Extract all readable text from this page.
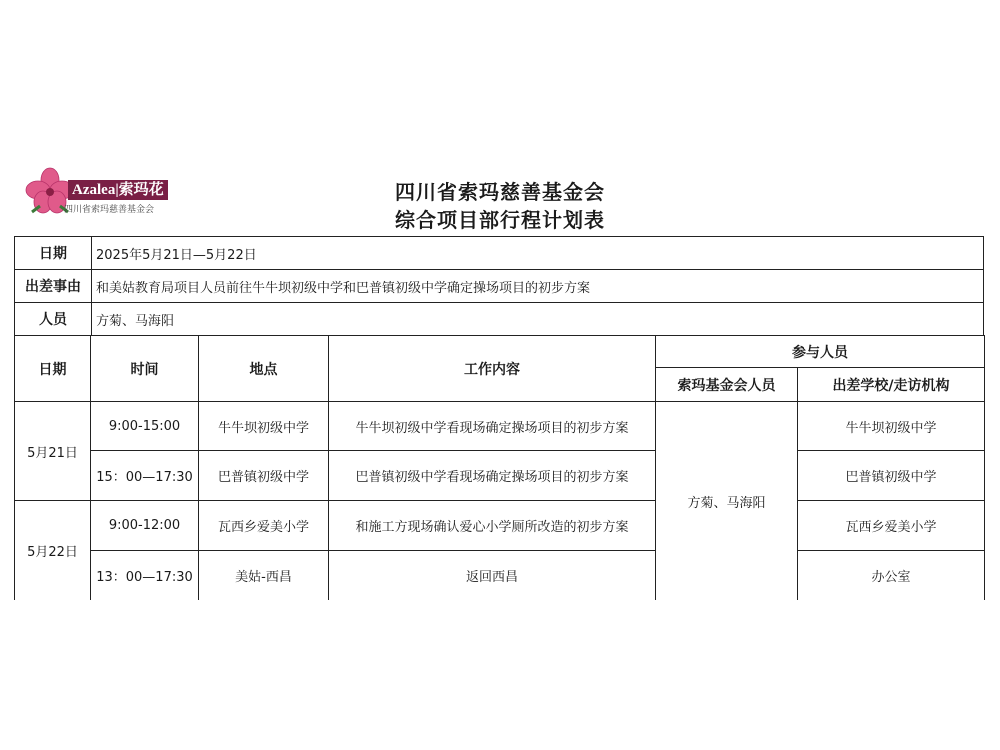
Azalea|索玛花
四川省索玛慈善基金会
四川省索玛慈善基金会
综合项目部行程计划表
日期	2025年5月21日—5月22日
出差事由	和美姑教育局项目人员前往牛牛坝初级中学和巴普镇初级中学确定操场项目的初步方案
人员	方菊、马海阳
日期	时间	地点	工作内容	参与人员	
				索玛基金会人员	出差学校/走访机构
5月21日	9:00-15:00	牛牛坝初级中学	牛牛坝初级中学看现场确定操场项目的初步方案	方菊、马海阳	牛牛坝初级中学
	15：00—17:30	巴普镇初级中学	巴普镇初级中学看现场确定操场项目的初步方案		巴普镇初级中学
5月22日	9:00-12:00	瓦西乡爱美小学	和施工方现场确认爱心小学厕所改造的初步方案		瓦西乡爱美小学
	13：00—17:30	美姑-西昌	返回西昌		办公室
